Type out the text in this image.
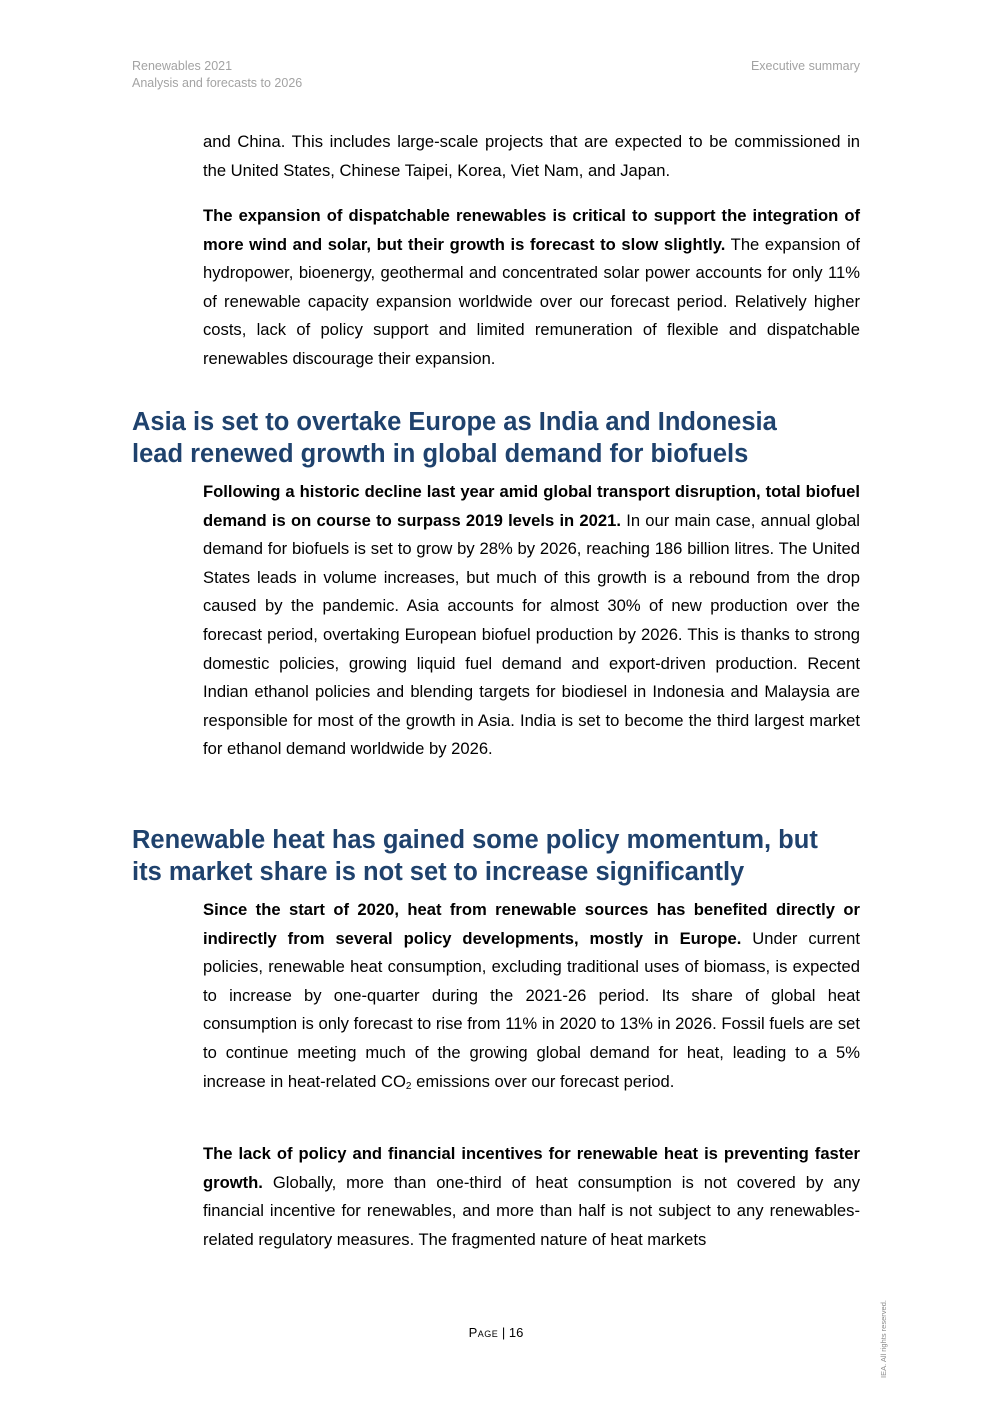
Renewables 2021
Analysis and forecasts to 2026
Executive summary

and China. This includes large-scale projects that are expected to be commissioned in the United States, Chinese Taipei, Korea, Viet Nam, and Japan.

The expansion of dispatchable renewables is critical to support the integration of more wind and solar, but their growth is forecast to slow slightly. The expansion of hydropower, bioenergy, geothermal and concentrated solar power accounts for only 11% of renewable capacity expansion worldwide over our forecast period. Relatively higher costs, lack of policy support and limited remuneration of flexible and dispatchable renewables discourage their expansion.

Asia is set to overtake Europe as India and Indonesia
lead renewed growth in global demand for biofuels

Following a historic decline last year amid global transport disruption, total biofuel demand is on course to surpass 2019 levels in 2021. In our main case, annual global demand for biofuels is set to grow by 28% by 2026, reaching 186 billion litres. The United States leads in volume increases, but much of this growth is a rebound from the drop caused by the pandemic. Asia accounts for almost 30% of new production over the forecast period, overtaking European biofuel production by 2026. This is thanks to strong domestic policies, growing liquid fuel demand and export-driven production. Recent Indian ethanol policies and blending targets for biodiesel in Indonesia and Malaysia are responsible for most of the growth in Asia. India is set to become the third largest market for ethanol demand worldwide by 2026.

Renewable heat has gained some policy momentum, but
its market share is not set to increase significantly

Since the start of 2020, heat from renewable sources has benefited directly or indirectly from several policy developments, mostly in Europe. Under current policies, renewable heat consumption, excluding traditional uses of biomass, is expected to increase by one-quarter during the 2021-26 period. Its share of global heat consumption is only forecast to rise from 11% in 2020 to 13% in 2026. Fossil fuels are set to continue meeting much of the growing global demand for heat, leading to a 5% increase in heat-related $CO_2$ emissions over our forecast period.

The lack of policy and financial incentives for renewable heat is preventing faster growth. Globally, more than one-third of heat consumption is not covered by any financial incentive for renewables, and more than half is not subject to any renewables-related regulatory measures. The fragmented nature of heat markets

Page | 16	IEA. All rights reserved.
